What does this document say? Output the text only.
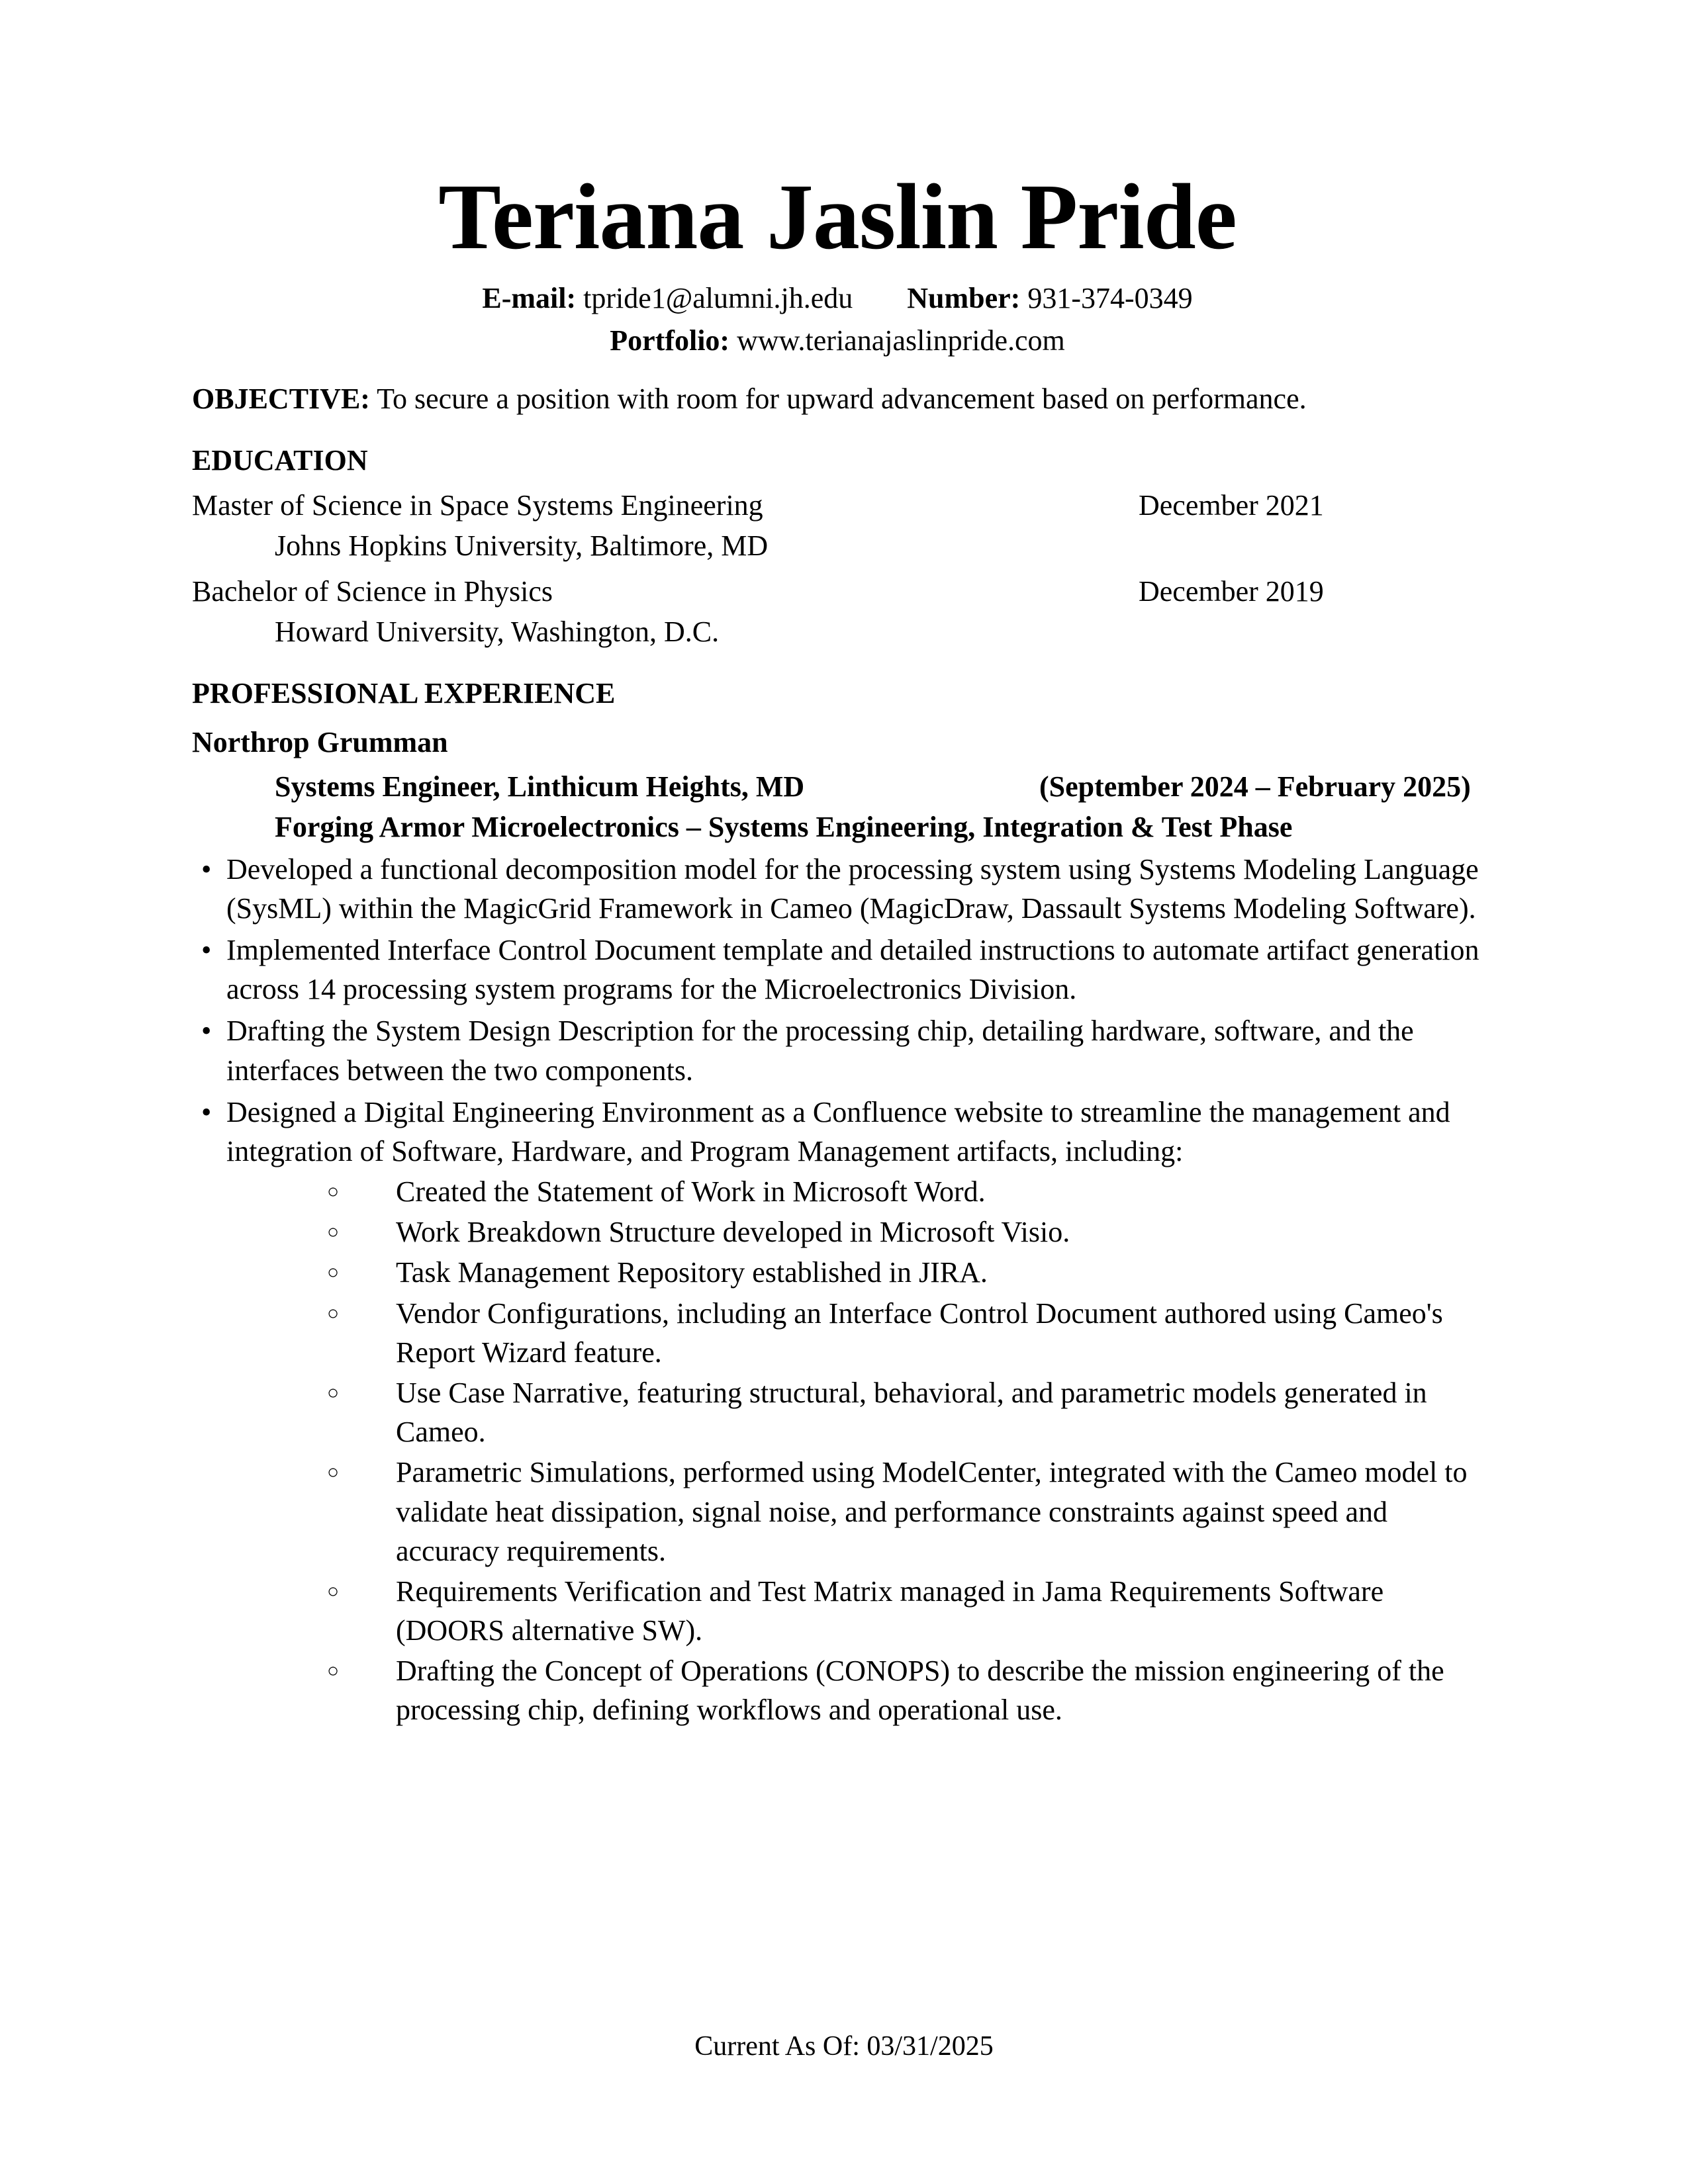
Teriana Jaslin Pride
E-mail: tpride1@alumni.jh.edu Number: 931-374-0349
Portfolio: www.terianajaslinpride.com
OBJECTIVE: To secure a position with room for upward advancement based on performance.
EDUCATION
Master of Science in Space Systems Engineering	December 2021
Johns Hopkins University, Baltimore, MD
Bachelor of Science in Physics	December 2019
Howard University, Washington, D.C.
PROFESSIONAL EXPERIENCE
Northrop Grumman
Systems Engineer, Linthicum Heights, MD	(September 2024 – February 2025)
Forging Armor Microelectronics – Systems Engineering, Integration & Test Phase
• Developed a functional decomposition model for the processing system using Systems Modeling Language (SysML) within the MagicGrid Framework in Cameo (MagicDraw, Dassault Systems Modeling Software).
• Implemented Interface Control Document template and detailed instructions to automate artifact generation across 14 processing system programs for the Microelectronics Division.
• Drafting the System Design Description for the processing chip, detailing hardware, software, and the interfaces between the two components.
• Designed a Digital Engineering Environment as a Confluence website to streamline the management and integration of Software, Hardware, and Program Management artifacts, including:
○ Created the Statement of Work in Microsoft Word.
○ Work Breakdown Structure developed in Microsoft Visio.
○ Task Management Repository established in JIRA.
○ Vendor Configurations, including an Interface Control Document authored using Cameo's Report Wizard feature.
○ Use Case Narrative, featuring structural, behavioral, and parametric models generated in Cameo.
○ Parametric Simulations, performed using ModelCenter, integrated with the Cameo model to validate heat dissipation, signal noise, and performance constraints against speed and accuracy requirements.
○ Requirements Verification and Test Matrix managed in Jama Requirements Software (DOORS alternative SW).
○ Drafting the Concept of Operations (CONOPS) to describe the mission engineering of the processing chip, defining workflows and operational use.
Current As Of: 03/31/2025
